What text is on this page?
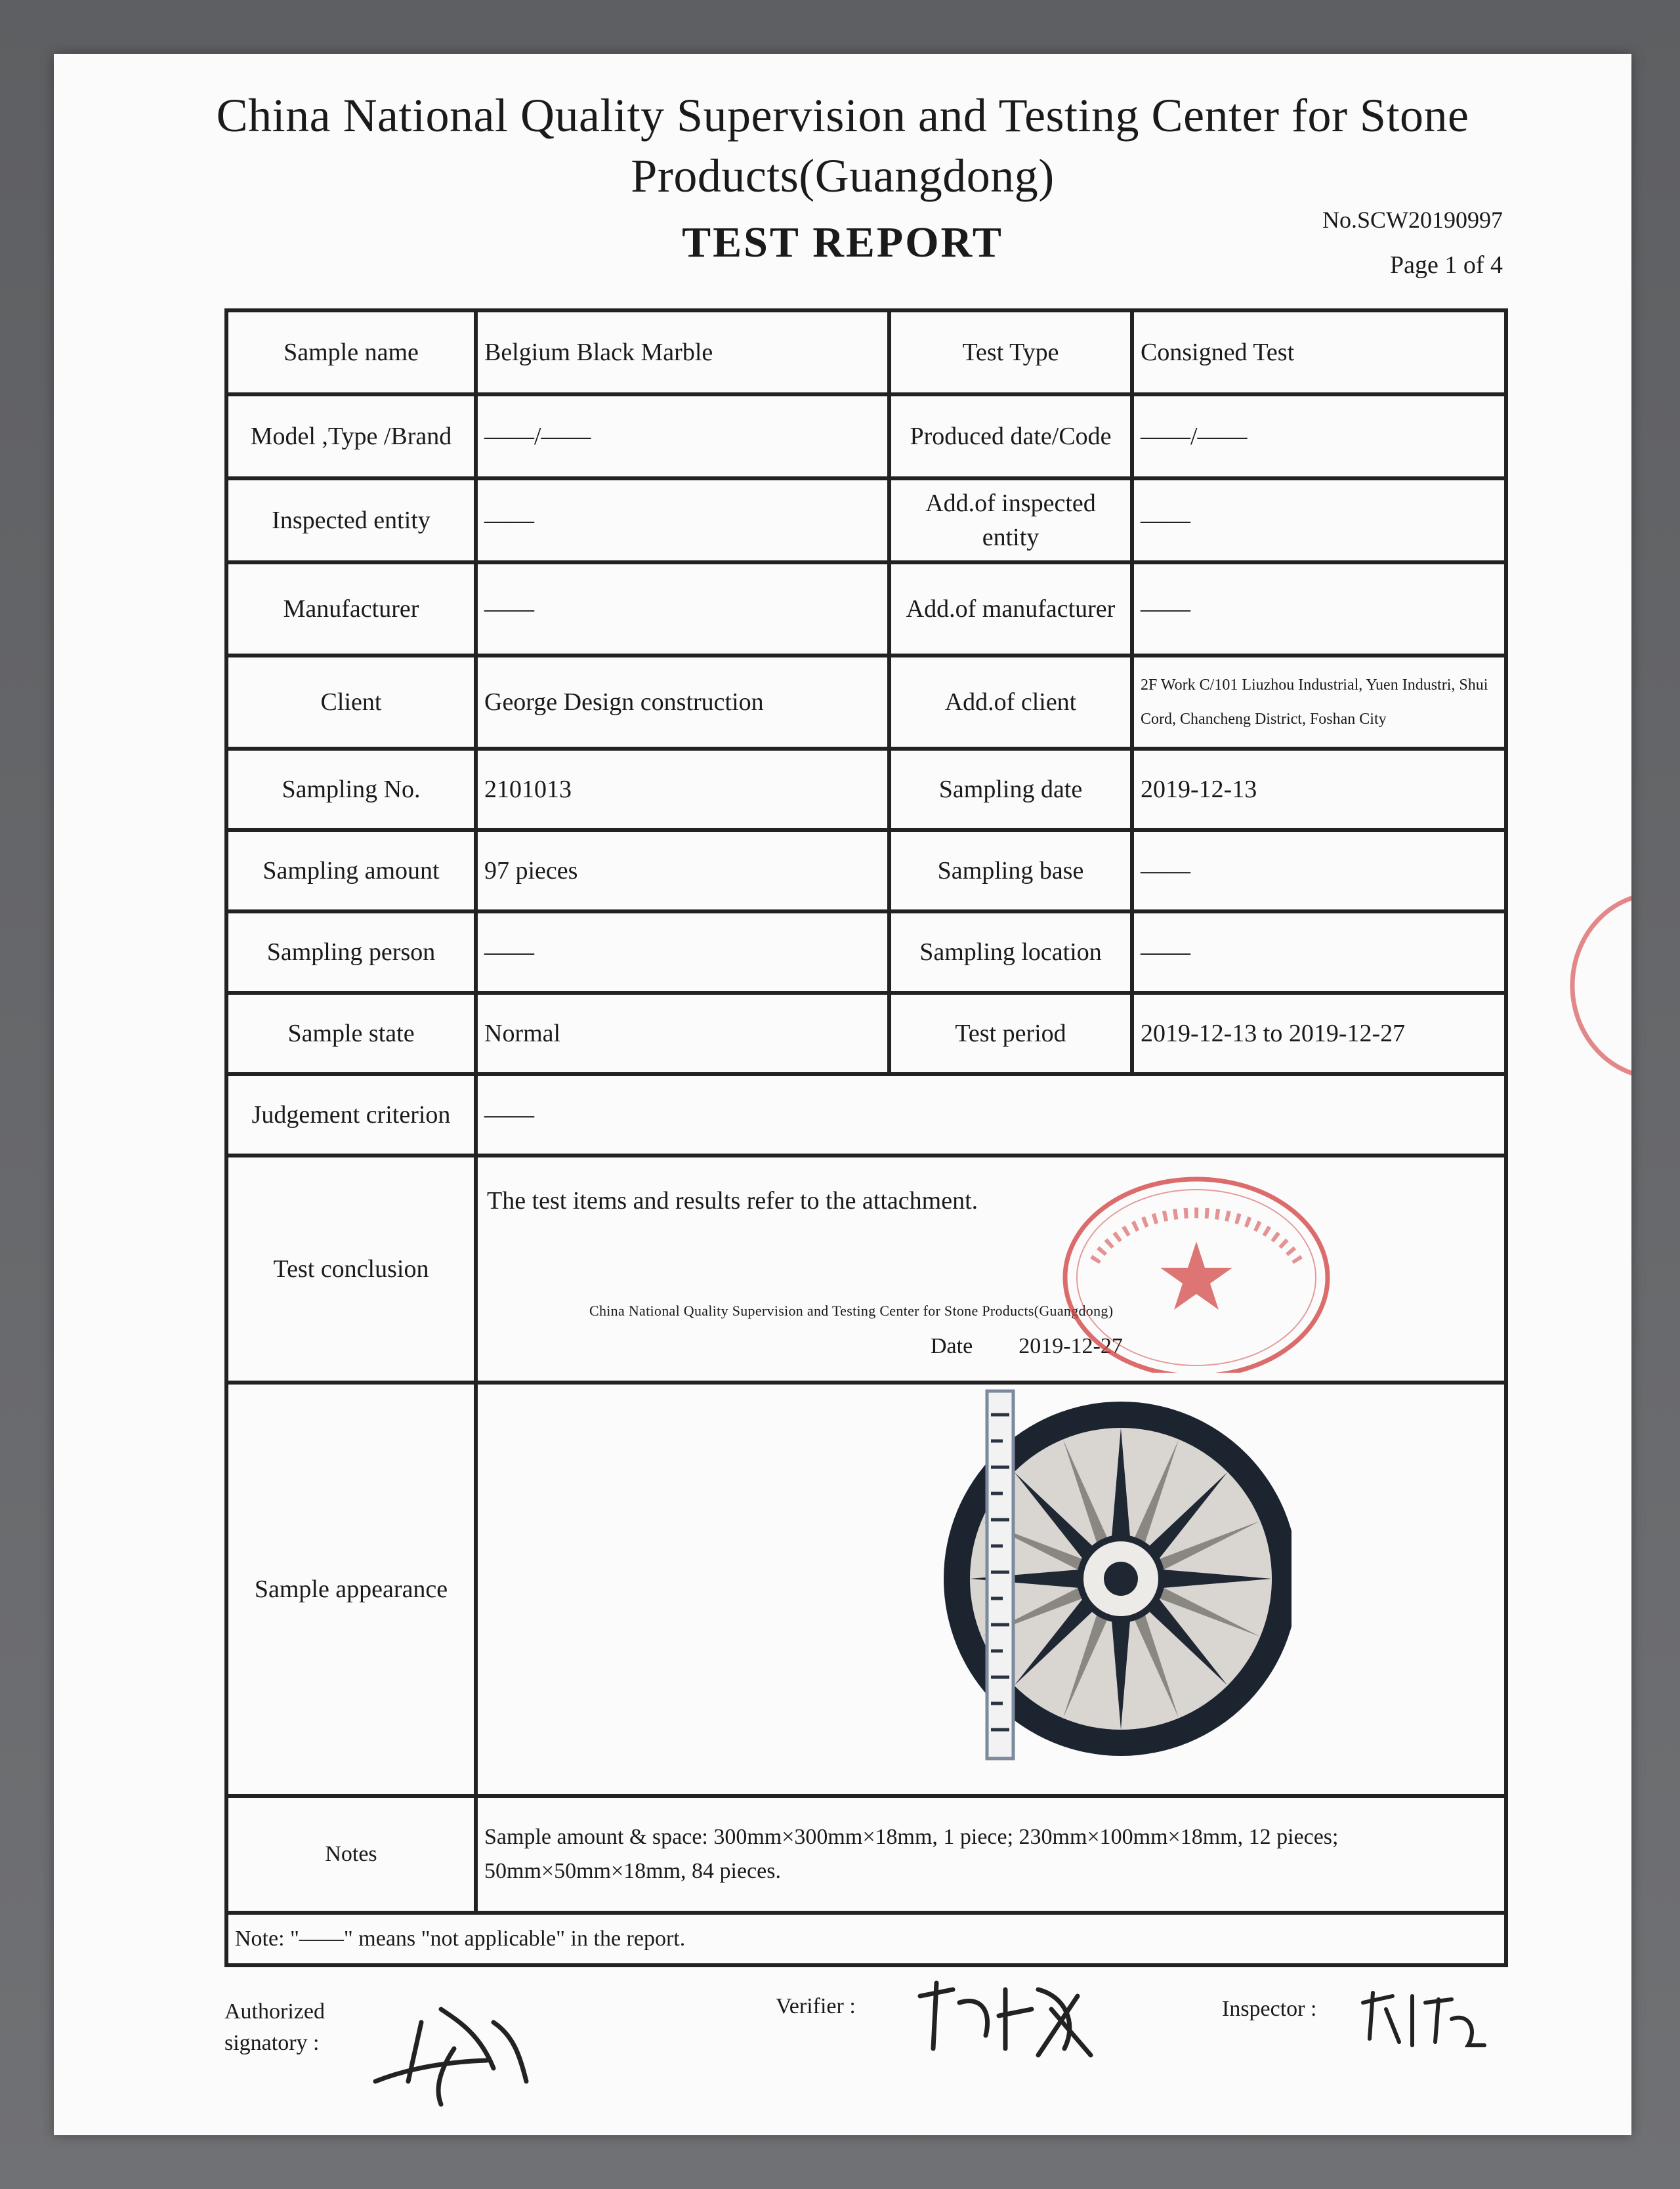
China National Quality Supervision and Testing Center for Stone
Products(Guangdong)
TEST REPORT	No.SCW20190997
Page 1 of 4
Sample name	Belgium Black Marble	Test Type	Consigned Test
Model ,Type /Brand	——/——	Produced date/Code	——/——
Inspected entity	——	Add.of inspected entity	——
Manufacturer	——	Add.of manufacturer	——
Client	George Design construction	Add.of client	2F Work C/101 Liuzhou Industrial, Yuen Industri, Shui Cord, Chancheng District, Foshan City
Sampling No.	2101013	Sampling date	2019-12-13
Sampling amount	97 pieces	Sampling base	——
Sampling person	——	Sampling location	——
Sample state	Normal	Test period	2019-12-13 to 2019-12-27
Judgement criterion	——		
Test conclusion	The test items and results refer to the attachment.
China National Quality Supervision and Testing Center for Stone Products(Guangdong)
Date 2019-12-27		

Sample appearance	

Notes	Sample amount & space: 300mm×300mm×18mm, 1 piece; 230mm×100mm×18mm, 12 pieces; 50mm×50mm×18mm, 84 pieces.		
Note: "——" means "not applicable" in the report.			
Authorized signatory :
Verifier :	Inspector :
